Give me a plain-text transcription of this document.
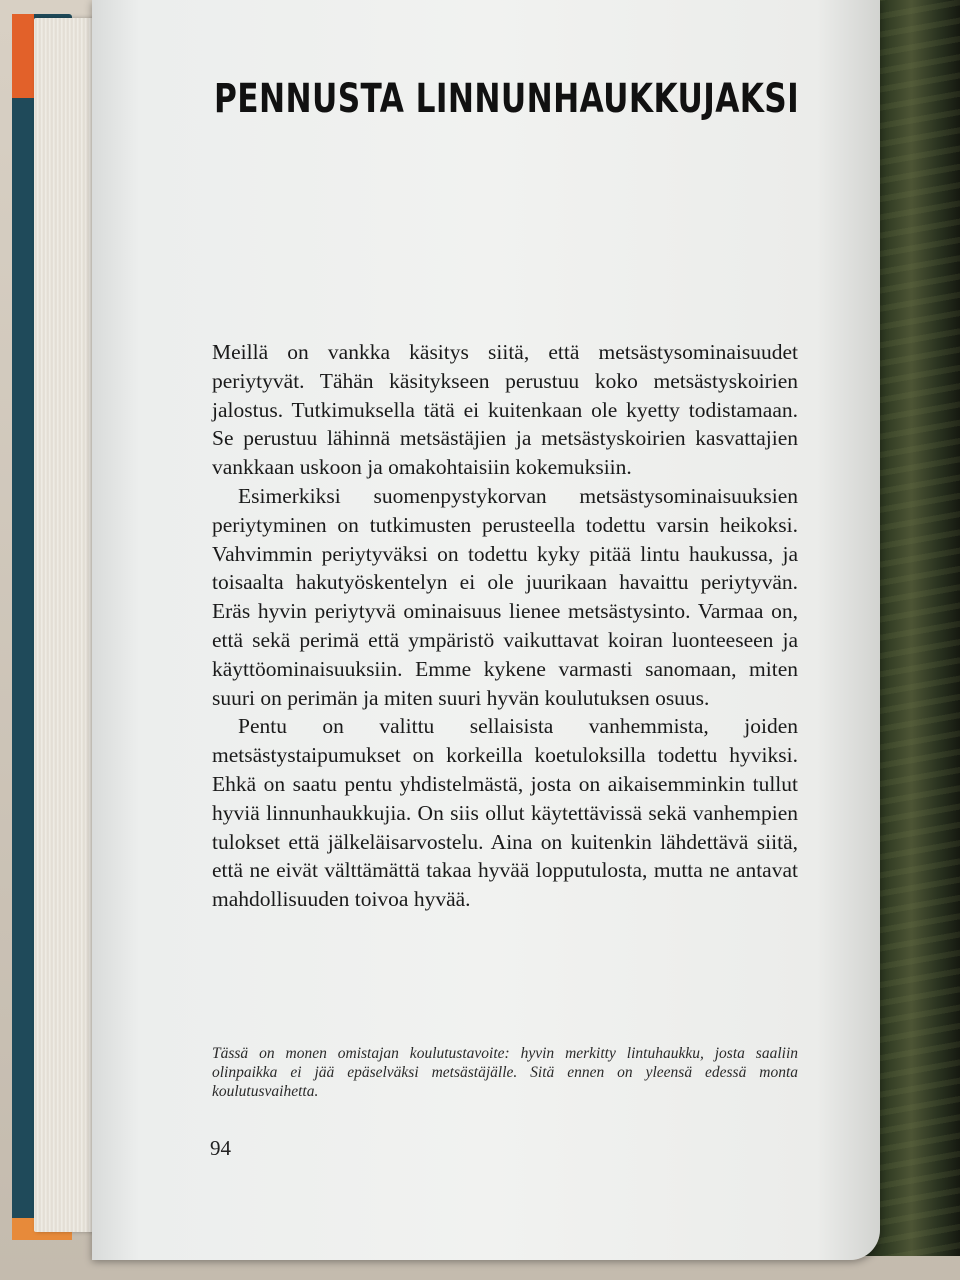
PENNUSTA LINNUNHAUKKUJAKSI

Meillä on vankka käsitys siitä, että metsästysominaisuudet periytyvät. Tähän käsitykseen perustuu koko metsästyskoirien jalostus. Tutkimuksella tätä ei kuitenkaan ole kyetty todistamaan. Se perustuu lähinnä metsästäjien ja metsästyskoirien kasvattajien vankkaan uskoon ja omakohtaisiin kokemuksiin.

Esimerkiksi suomenpystykorvan metsästysominaisuuksien periytyminen on tutkimusten perusteella todettu varsin heikoksi. Vahvimmin periytyväksi on todettu kyky pitää lintu haukussa, ja toisaalta hakutyöskentelyn ei ole juurikaan havaittu periytyvän. Eräs hyvin periytyvä ominaisuus lienee metsästysinto. Varmaa on, että sekä perimä että ympäristö vaikuttavat koiran luonteeseen ja käyttöominaisuuksiin. Emme kykene varmasti sanomaan, miten suuri on perimän ja miten suuri hyvän koulutuksen osuus.

Pentu on valittu sellaisista vanhemmista, joiden metsästystaipumukset on korkeilla koetuloksilla todettu hyviksi. Ehkä on saatu pentu yhdistelmästä, josta on aikaisemminkin tullut hyviä linnunhaukkujia. On siis ollut käytettävissä sekä vanhempien tulokset että jälkeläisarvostelu. Aina on kuitenkin lähdettävä siitä, että ne eivät välttämättä takaa hyvää lopputulosta, mutta ne antavat mahdollisuuden toivoa hyvää.

Tässä on monen omistajan koulutustavoite: hyvin merkitty lintuhaukku, josta saaliin olinpaikka ei jää epäselväksi metsästäjälle. Sitä ennen on yleensä edessä monta koulutusvaihetta.
94
